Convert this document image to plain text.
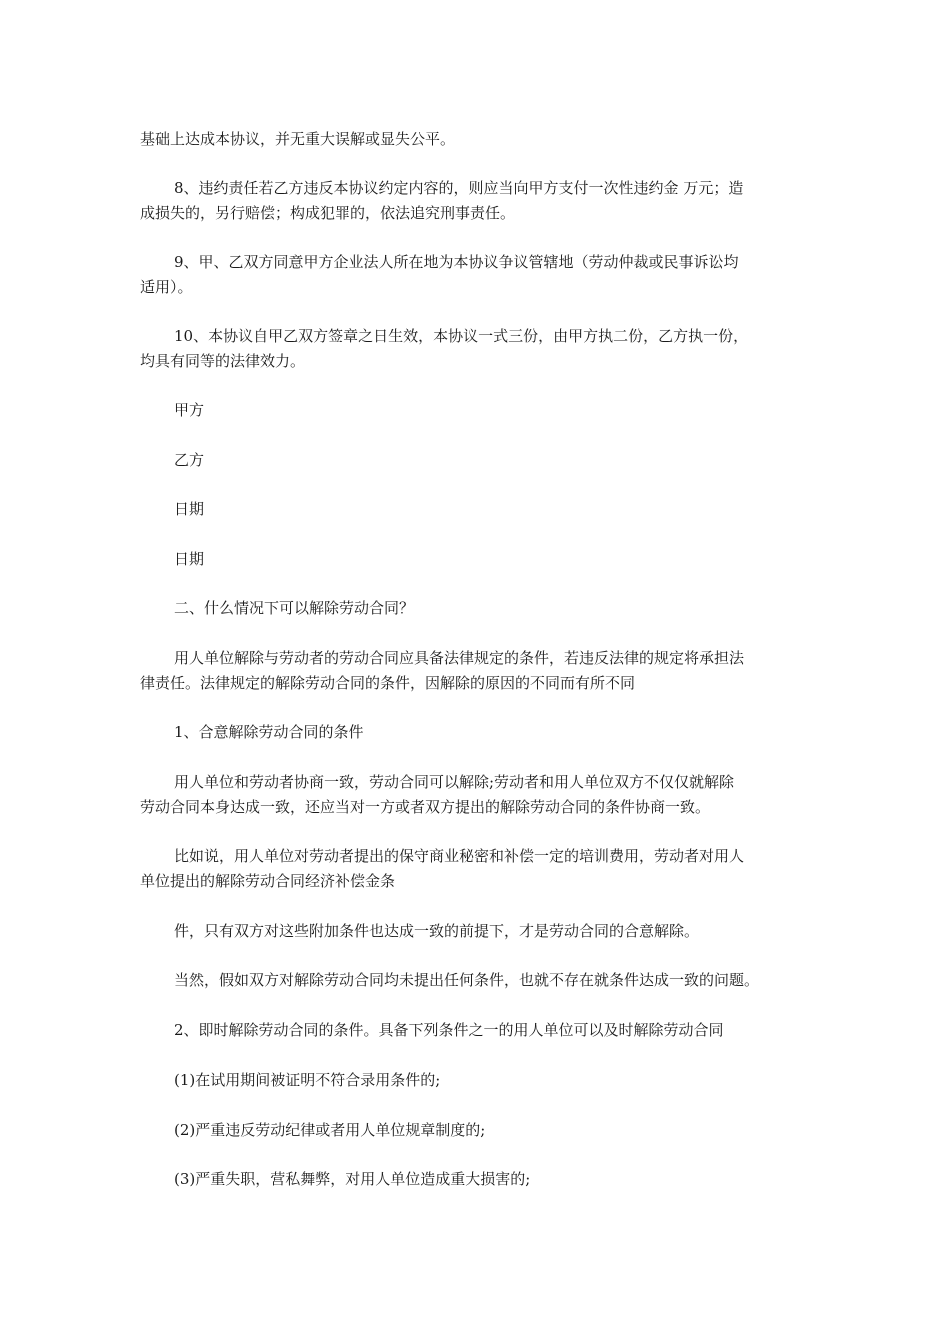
基础上达成本协议，并无重大误解或显失公平。

8、违约责任若乙方违反本协议约定内容的，则应当向甲方支付一次性违约金 万元；造

成损失的，另行赔偿；构成犯罪的，依法追究刑事责任。

9、甲、乙双方同意甲方企业法人所在地为本协议争议管辖地（劳动仲裁或民事诉讼均

适用）。

10、本协议自甲乙双方签章之日生效，本协议一式三份，由甲方执二份，乙方执一份，

均具有同等的法律效力。

甲方

乙方

日期

日期

二、什么情况下可以解除劳动合同？

用人单位解除与劳动者的劳动合同应具备法律规定的条件，若违反法律的规定将承担法

律责任。法律规定的解除劳动合同的条件，因解除的原因的不同而有所不同

1、合意解除劳动合同的条件

用人单位和劳动者协商一致，劳动合同可以解除;劳动者和用人单位双方不仅仅就解除

劳动合同本身达成一致，还应当对一方或者双方提出的解除劳动合同的条件协商一致。

比如说，用人单位对劳动者提出的保守商业秘密和补偿一定的培训费用，劳动者对用人

单位提出的解除劳动合同经济补偿金条

件，只有双方对这些附加条件也达成一致的前提下，才是劳动合同的合意解除。

当然，假如双方对解除劳动合同均未提出任何条件，也就不存在就条件达成一致的问题。

2、即时解除劳动合同的条件。具备下列条件之一的用人单位可以及时解除劳动合同

(1)在试用期间被证明不符合录用条件的;

(2)严重违反劳动纪律或者用人单位规章制度的;

(3)严重失职，营私舞弊，对用人单位造成重大损害的;
